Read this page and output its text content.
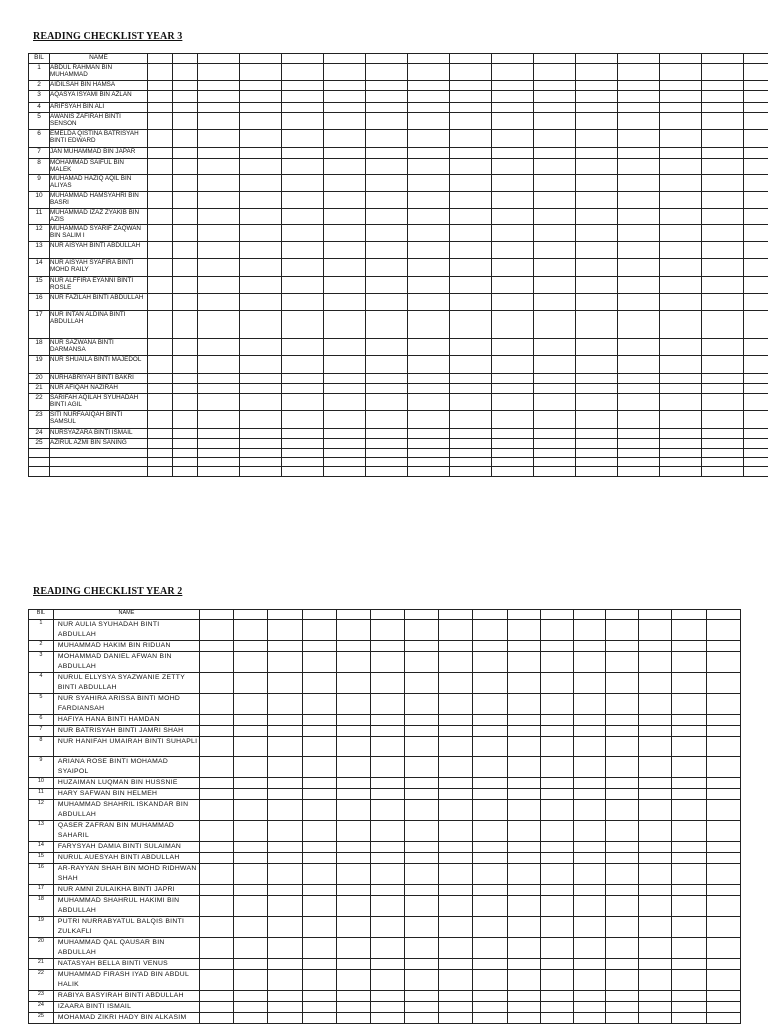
READING CHECKLIST YEAR 3
BIL	NAME																
1	ABDUL RAHMAN BIN MUHAMMAD																
2	AIDILSAH BIN HAMSA																
3	AQASYA ISYAMI BIN AZLAN																
4	ARIFSYAH BIN ALI																
5	AWANIS ZAFIRAH BINTI SENSON																
6	EMELDA QISTINA BATRISYAH BINTI EDWARD																
7	JAN MUHAMMAD BIN JAPAR																
8	MOHAMMAD SAIFUL BIN MALEK																
9	MUHAMAD HAZIQ AQIL BIN ALIYAS																
10	MUHAMMAD HAMSYAHRI BIN BASRI																
11	MUHAMMAD IZAZ ZYAKIB BIN AZIS																
12	MUHAMMAD SYARIF ZAQWAN BIN SALIM I																
13	NUR AISYAH BINTI ABDULLAH																
14	NUR AISYAH SYAFIRA BINTI MOHD RAILY																
15	NUR ALFFIRA EYANNI BINTI ROSLE																
16	NUR FAZILAH BINTI ABDULLAH																
17	NUR INTAN ALDINA BINTI ABDULLAH																
18	NUR SAZWANA BINTI DARMANSA																
19	NUR SHUAILA BINTI MAJEDOL																
20	NURHABRIYAH BINTI BAKRI																
21	NUR AFIQAH NAZIRAH																
22	SARIFAH AQILAH SYUHADAH BINTI AGIL																
23	SITI NURFAAIQAH BINTI SAMSUL																
24	NURSYAZARA BINTI ISMAIL																
25	AZIRUL AZMI BIN SANING																

READING CHECKLIST YEAR 2
BIL	NAME																
1	NUR AULIA SYUHADAH BINTI ABDULLAH																
2	MUHAMMAD HAKIM BIN RIDUAN																
3	MOHAMMAD DANIEL AFWAN BIN ABDULLAH																
4	NURUL ELLYSYA SYAZWANIE ZETTY BINTI ABDULLAH																
5	NUR SYAHIRA ARISSA BINTI MOHD FARDIANSAH																
6	HAFIYA HANA BINTI HAMDAN																
7	NUR BATRISYAH BINTI JAMRI SHAH																
8	NUR HANIFAH UMAIRAH BINTI SUHAPLI																
9	ARIANA ROSE BINTI MOHAMAD SYAIPOL																
10	HUZAIMAN LUQMAN BIN HUSSNIE																
11	HARY SAFWAN BIN HELMEH																
12	MUHAMMAD SHAHRIL ISKANDAR BIN ABDULLAH																
13	QASER ZAFRAN BIN MUHAMMAD SAHARIL																
14	FARYSYAH DAMIA BINTI SULAIMAN																
15	NURUL AUESYAH BINTI ABDULLAH																
16	AR-RAYYAN SHAH BIN MOHD RIDHWAN SHAH																
17	NUR AMNI ZULAIKHA BINTI JAPRI																
18	MUHAMMAD SHAHRUL HAKIMI BIN ABDULLAH																
19	PUTRI NURRABYATUL BALQIS BINTI ZULKAFLI																
20	MUHAMMAD QAL QAUSAR BIN ABDULLAH																
21	NATASYAH BELLA BINTI VENUS																
22	MUHAMMAD FIRASH IYAD BIN ABDUL HALIK																
23	RABIYA BASYIRAH BINTI ABDULLAH																
24	IZAARA BINTI ISMAIL																
25	MOHAMAD ZIKRI HADY BIN ALKASIM																
